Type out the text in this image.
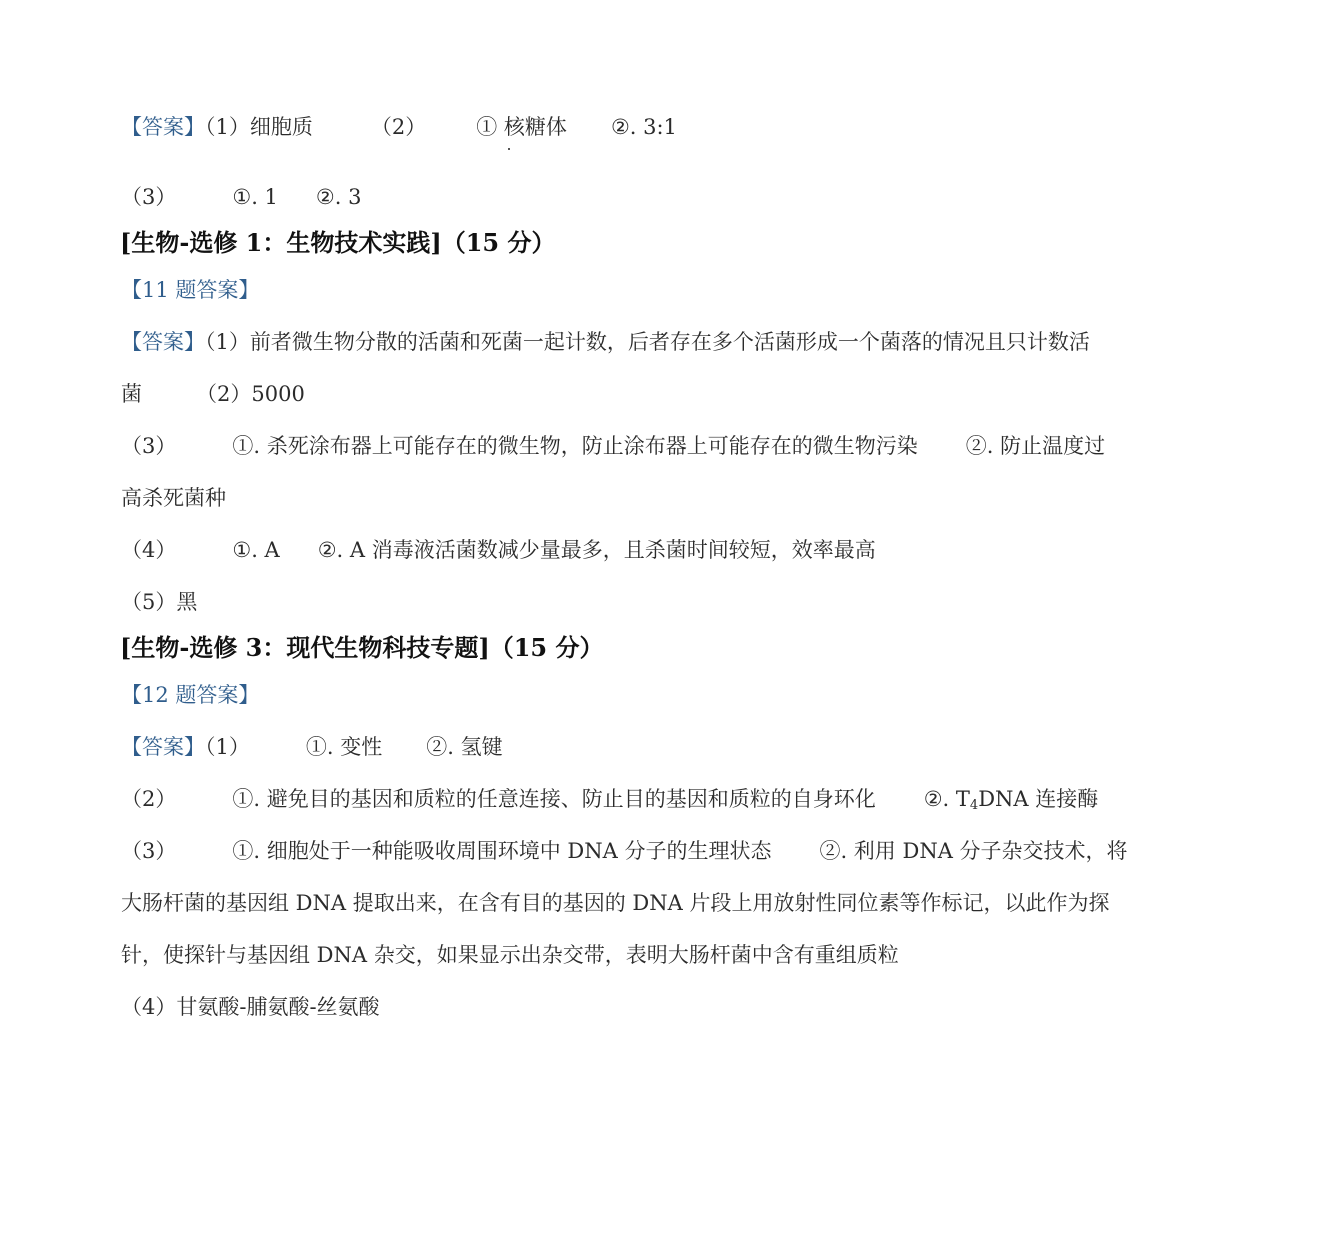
【答案】（1）细胞质	（2） ① 核糖体 ②. 3:1
（3）	①. 1 ②. 3
[生物-选修 1：生物技术实践]（15 分）
【11 题答案】
【答案】（1）前者微生物分散的活菌和死菌一起计数，后者存在多个活菌形成一个菌落的情况且只计数活
菌	（2）5000
（3）	①. 杀死涂布器上可能存在的微生物，防止涂布器上可能存在的微生物污染 ②. 防止温度过
高杀死菌种
（4）	①. A ②. A 消毒液活菌数减少量最多，且杀菌时间较短，效率最高
（5）黑
[生物-选修 3：现代生物科技专题]（15 分）
【12 题答案】
【答案】（1）	①. 变性 ②. 氢键
（2）	①. 避免目的基因和质粒的任意连接、防止目的基因和质粒的自身环化 ②. $T_4DNA$ 连接酶
（3）	①. 细胞处于一种能吸收周围环境中 DNA 分子的生理状态 ②. 利用 DNA 分子杂交技术，将
大肠杆菌的基因组 DNA 提取出来，在含有目的基因的 DNA 片段上用放射性同位素等作标记，以此作为探
针，使探针与基因组 DNA 杂交，如果显示出杂交带，表明大肠杆菌中含有重组质粒
（4）甘氨酸-脯氨酸-丝氨酸
